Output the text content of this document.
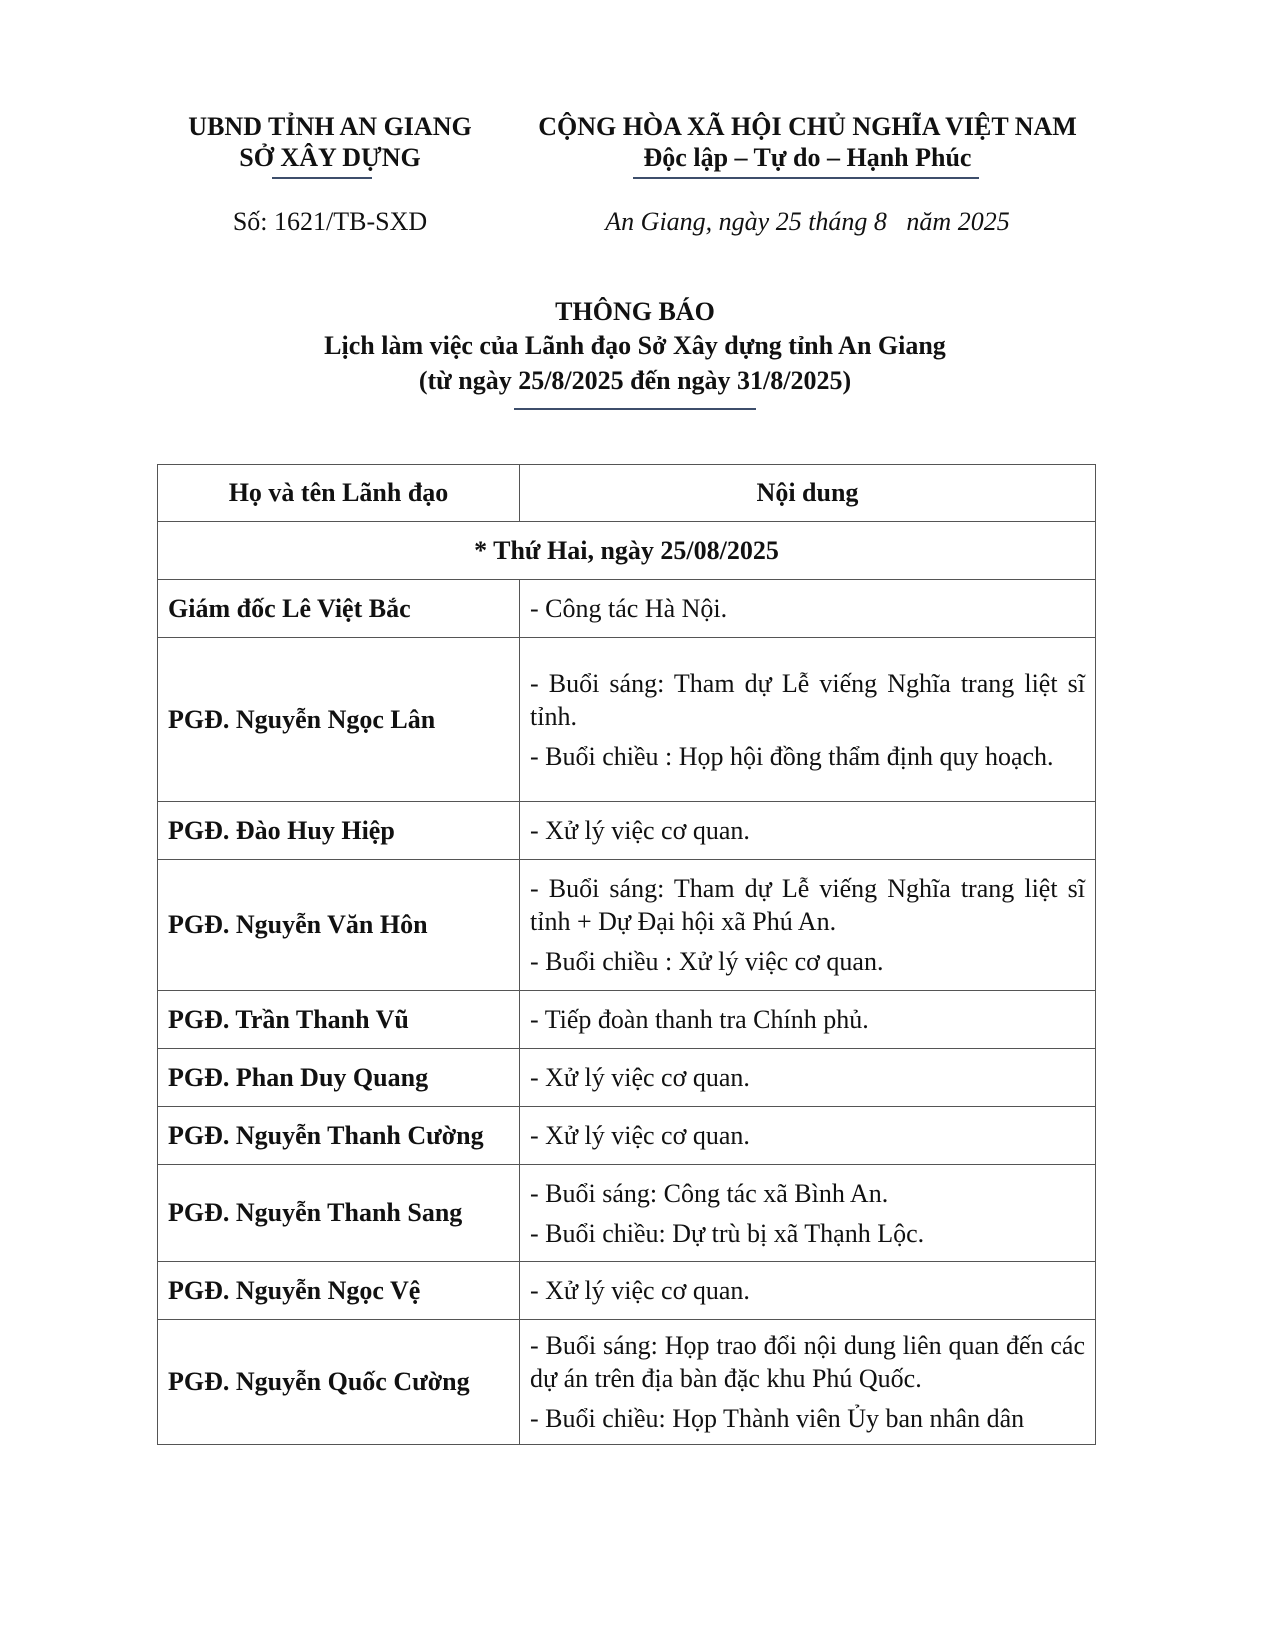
UBND TỈNH AN GIANG
SỞ XÂY DỰNG
Số: 1621/TB-SXD
CỘNG HÒA XÃ HỘI CHỦ NGHĨA VIỆT NAM
Độc lập – Tự do – Hạnh Phúc
An Giang, ngày 25 tháng 8   năm 2025
THÔNG BÁO
Lịch làm việc của Lãnh đạo Sở Xây dựng tỉnh An Giang
(từ ngày 25/8/2025 đến ngày 31/8/2025)
Họ và tên Lãnh đạo	Nội dung
* Thứ Hai, ngày 25/08/2025	
Giám đốc Lê Việt Bắc	- Công tác Hà Nội.

PGĐ. Nguyễn Ngọc Lân	- Buổi sáng: Tham dự Lễ viếng Nghĩa trang liệt sĩ tỉnh.

- Buổi chiều : Họp hội đồng thẩm định quy hoạch.

PGĐ. Đào Huy Hiệp	- Xử lý việc cơ quan.

PGĐ. Nguyễn Văn Hôn	- Buổi sáng: Tham dự Lễ viếng Nghĩa trang liệt sĩ tỉnh + Dự Đại hội xã Phú An.

- Buổi chiều : Xử lý việc cơ quan.

PGĐ. Trần Thanh Vũ	- Tiếp đoàn thanh tra Chính phủ.

PGĐ. Phan Duy Quang	- Xử lý việc cơ quan.

PGĐ. Nguyễn Thanh Cường	- Xử lý việc cơ quan.

PGĐ. Nguyễn Thanh Sang	- Buổi sáng: Công tác xã Bình An.

- Buổi chiều: Dự trù bị xã Thạnh Lộc.

PGĐ. Nguyễn Ngọc Vệ	- Xử lý việc cơ quan.

PGĐ. Nguyễn Quốc Cường	- Buổi sáng: Họp trao đổi nội dung liên quan đến các dự án trên địa bàn đặc khu Phú Quốc.

- Buổi chiều: Họp Thành viên Ủy ban nhân dân
